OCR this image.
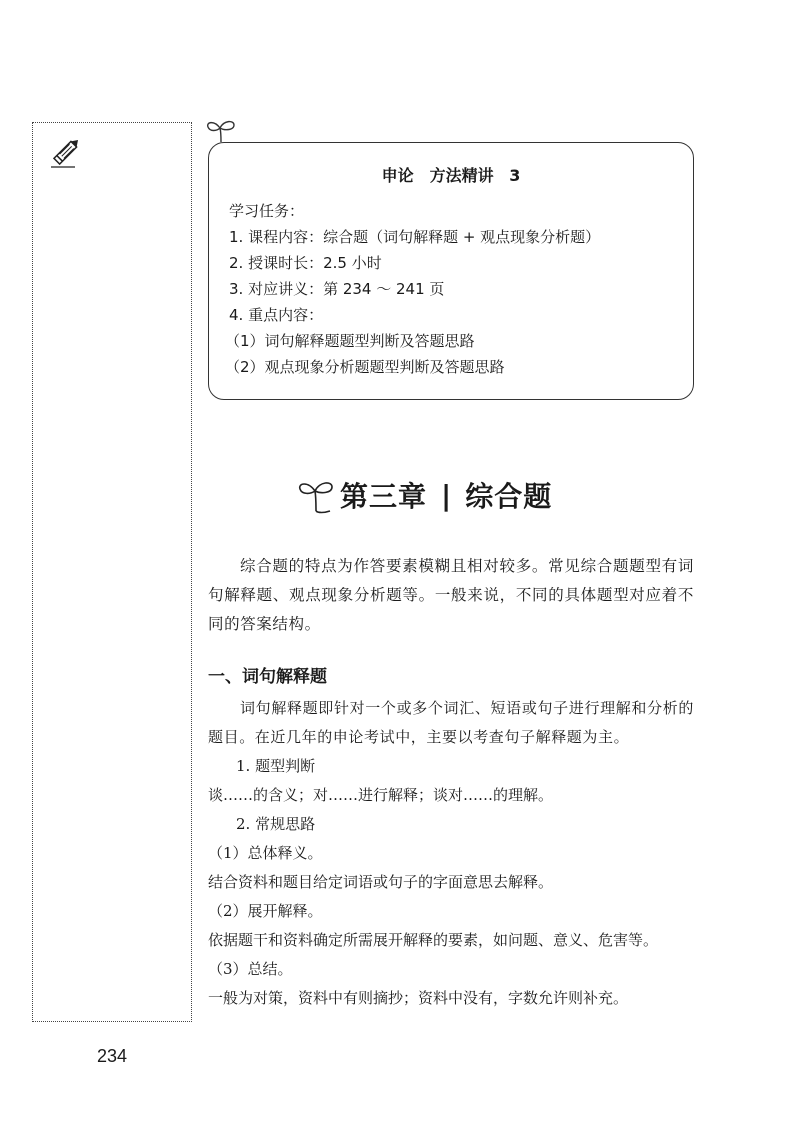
申论　方法精讲 3
学习任务：
1. 课程内容：综合题（词句解释题 + 观点现象分析题）
2. 授课时长：2.5 小时
3. 对应讲义：第 234 ～ 241 页
4. 重点内容：
（1）词句解释题题型判断及答题思路
（2）观点现象分析题题型判断及答题思路
第三章 | 综合题

综合题的特点为作答要素模糊且相对较多。常见综合题题型有词句解释题、观点现象分析题等。一般来说，不同的具体题型对应着不同的答案结构。

一、词句解释题

词句解释题即针对一个或多个词汇、短语或句子进行理解和分析的题目。在近几年的申论考试中，主要以考查句子解释题为主。

1. 题型判断

谈……的含义；对……进行解释；谈对……的理解。

2. 常规思路

（1）总体释义。

结合资料和题目给定词语或句子的字面意思去解释。

（2）展开解释。

依据题干和资料确定所需展开解释的要素，如问题、意义、危害等。

（3）总结。

一般为对策，资料中有则摘抄；资料中没有，字数允许则补充。

234
